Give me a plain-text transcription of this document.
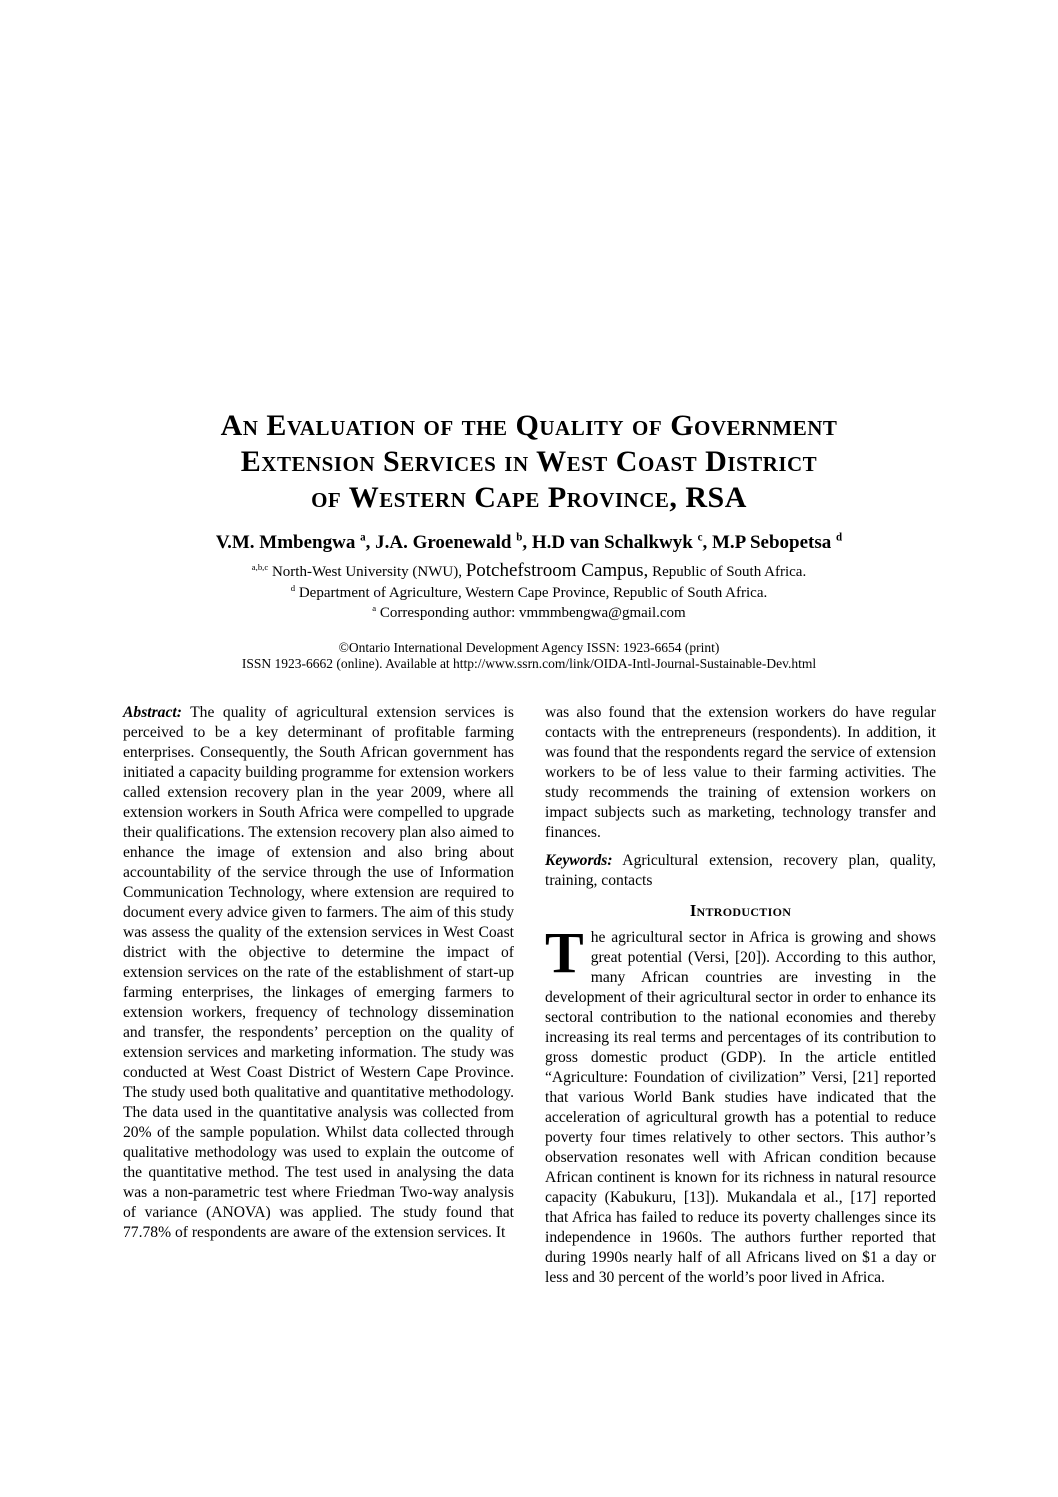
An Evaluation of the Quality of Government
Extension Services in West Coast District
of Western Cape Province, RSA
V.M. Mmbengwa $^a$, J.A. Groenewald $^b$, H.D van Schalkwyk $^c$, M.P Sebopetsa $^d$
$^{a,b,c}$ North-West University (NWU), Potchefstroom Campus, Republic of South Africa.
$^d$ Department of Agriculture, Western Cape Province, Republic of South Africa.
$^a$ Corresponding author: vmmmbengwa@gmail.com
©Ontario International Development Agency ISSN: 1923-6654 (print)
ISSN 1923-6662 (online). Available at http://www.ssrn.com/link/OIDA-Intl-Journal-Sustainable-Dev.html

Abstract: The quality of agricultural extension services is perceived to be a key determinant of profitable farming enterprises. Consequently, the South African government has initiated a capacity building programme for extension workers called extension recovery plan in the year 2009, where all extension workers in South Africa were compelled to upgrade their qualifications. The extension recovery plan also aimed to enhance the image of extension and also bring about accountability of the service through the use of Information Communication Technology, where extension are required to document every advice given to farmers. The aim of this study was assess the quality of the extension services in West Coast district with the objective to determine the impact of extension services on the rate of the establishment of start-up farming enterprises, the linkages of emerging farmers to extension workers, frequency of technology dissemination and transfer, the respondents’ perception on the quality of extension services and marketing information. The study was conducted at West Coast District of Western Cape Province. The study used both qualitative and quantitative methodology. The data used in the quantitative analysis was collected from 20% of the sample population. Whilst data collected through qualitative methodology was used to explain the outcome of the quantitative method. The test used in analysing the data was a non-parametric test where Friedman Two-way analysis of variance (ANOVA) was applied. The study found that 77.78% of respondents are aware of the extension services. It

was also found that the extension workers do have regular contacts with the entrepreneurs (respondents). In addition, it was found that the respondents regard the service of extension workers to be of less value to their farming activities. The study recommends the training of extension workers on impact subjects such as marketing, technology transfer and finances.

Keywords: Agricultural extension, recovery plan, quality, training, contacts

Introduction

The agricultural sector in Africa is growing and shows great potential (Versi, [20]). According to this author, many African countries are investing in the development of their agricultural sector in order to enhance its sectoral contribution to the national economies and thereby increasing its real terms and percentages of its contribution to gross domestic product (GDP). In the article entitled “Agriculture: Foundation of civilization” Versi, [21] reported that various World Bank studies have indicated that the acceleration of agricultural growth has a potential to reduce poverty four times relatively to other sectors. This author’s observation resonates well with African condition because African continent is known for its richness in natural resource capacity (Kabukuru, [13]). Mukandala et al., [17] reported that Africa has failed to reduce its poverty challenges since its independence in 1960s. The authors further reported that during 1990s nearly half of all Africans lived on $1 a day or less and 30 percent of the world’s poor lived in Africa.
